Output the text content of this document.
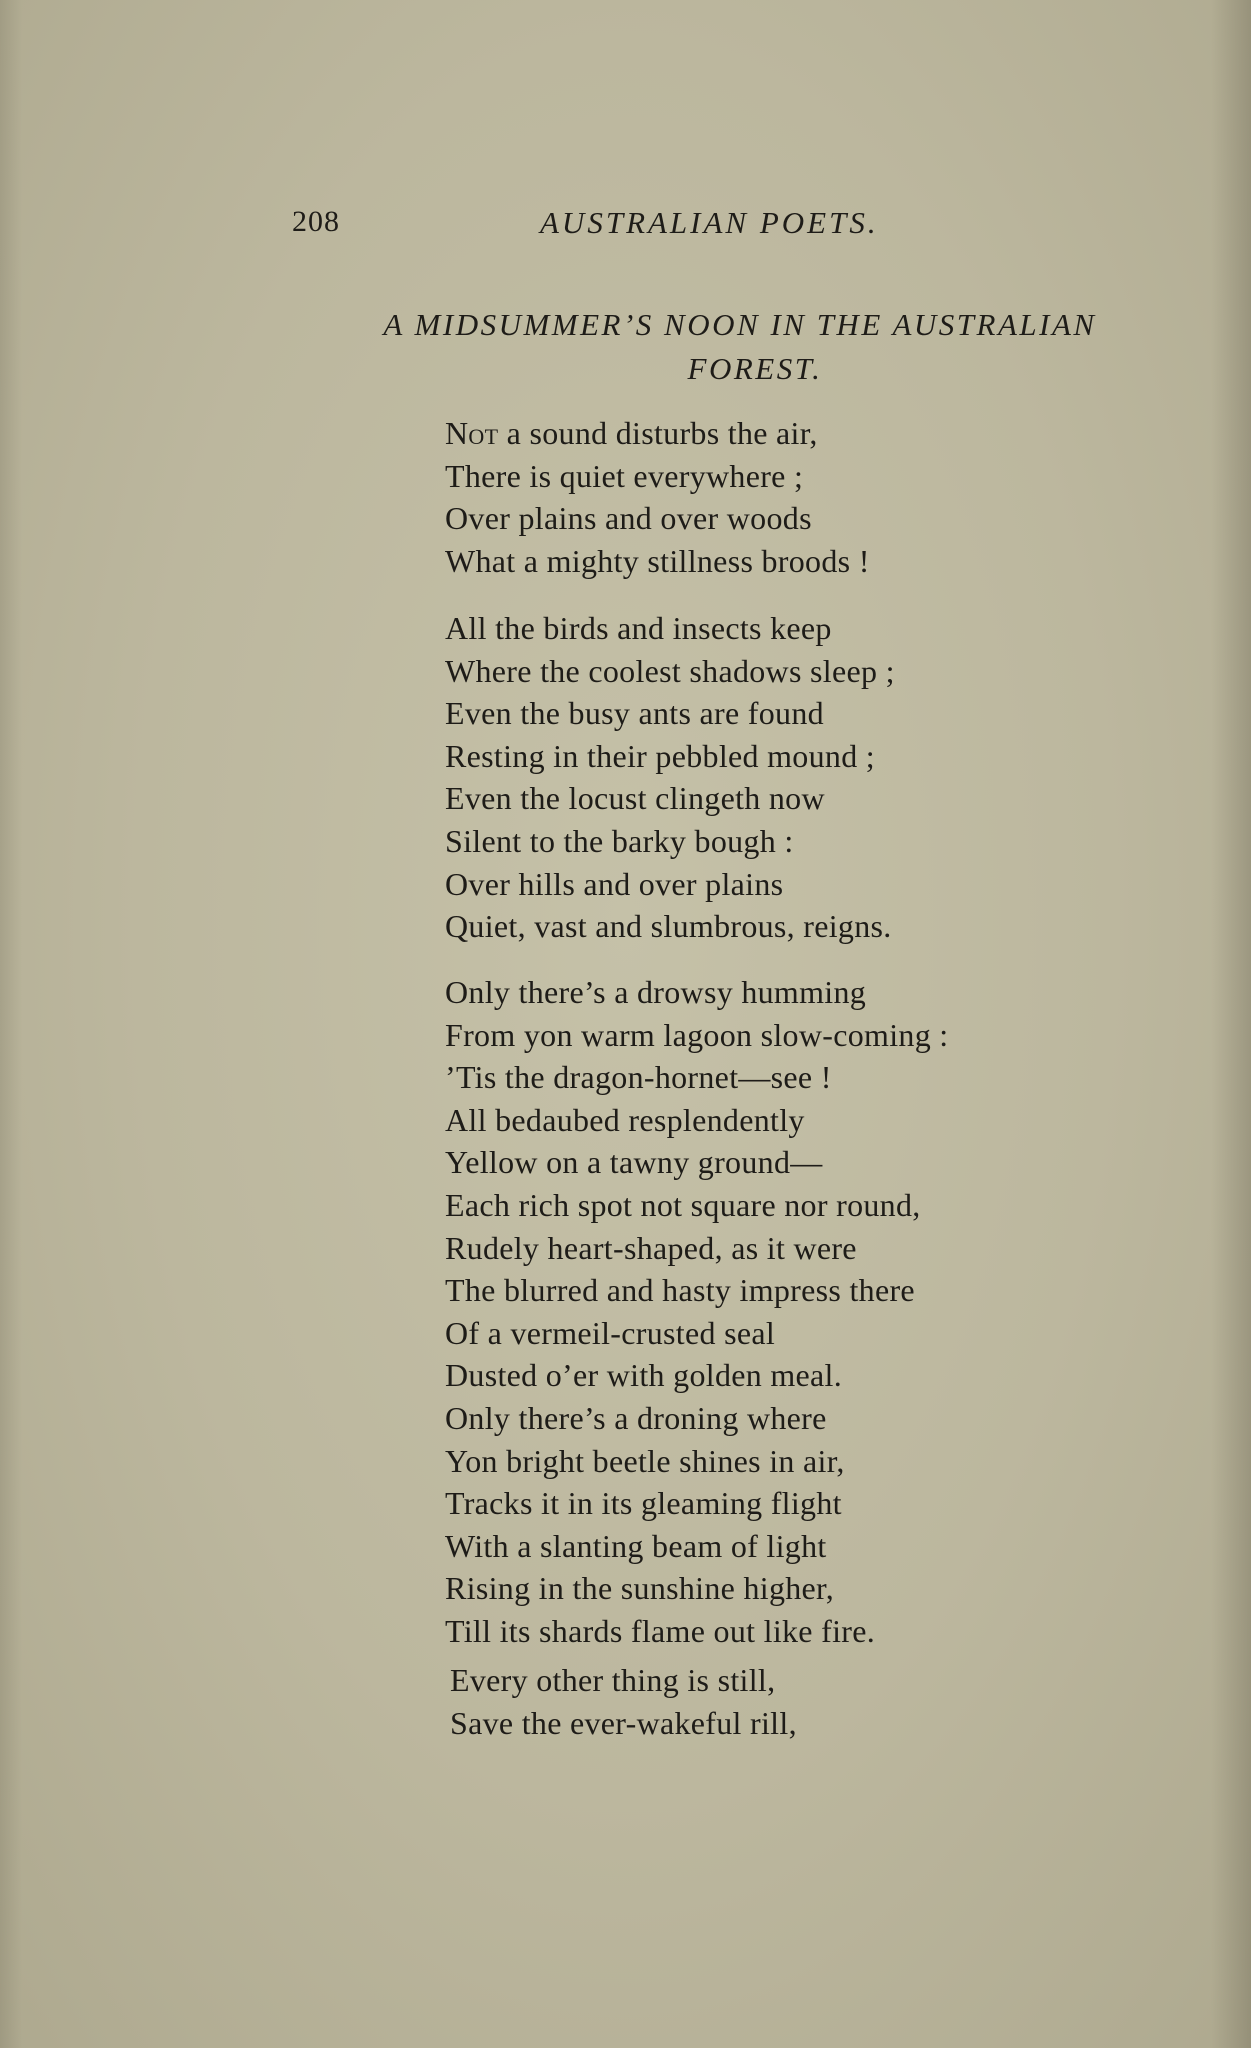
208	AUSTRALIAN POETS.
A MIDSUMMER’S NOON IN THE AUSTRALIAN
FOREST.
Not a sound disturbs the air,
There is quiet everywhere ;
Over plains and over woods
What a mighty stillness broods !
All the birds and insects keep
Where the coolest shadows sleep ;
Even the busy ants are found
Resting in their pebbled mound ;
Even the locust clingeth now
Silent to the barky bough :
Over hills and over plains
Quiet, vast and slumbrous, reigns.
Only there’s a drowsy humming
From yon warm lagoon slow-coming :
’Tis the dragon-hornet—see !
All bedaubed resplendently
Yellow on a tawny ground—
Each rich spot not square nor round,
Rudely heart-shaped, as it were
The blurred and hasty impress there
Of a vermeil-crusted seal
Dusted o’er with golden meal.
Only there’s a droning where
Yon bright beetle shines in air,
Tracks it in its gleaming flight
With a slanting beam of light
Rising in the sunshine higher,
Till its shards flame out like fire.
Every other thing is still,
Save the ever-wakeful rill,
